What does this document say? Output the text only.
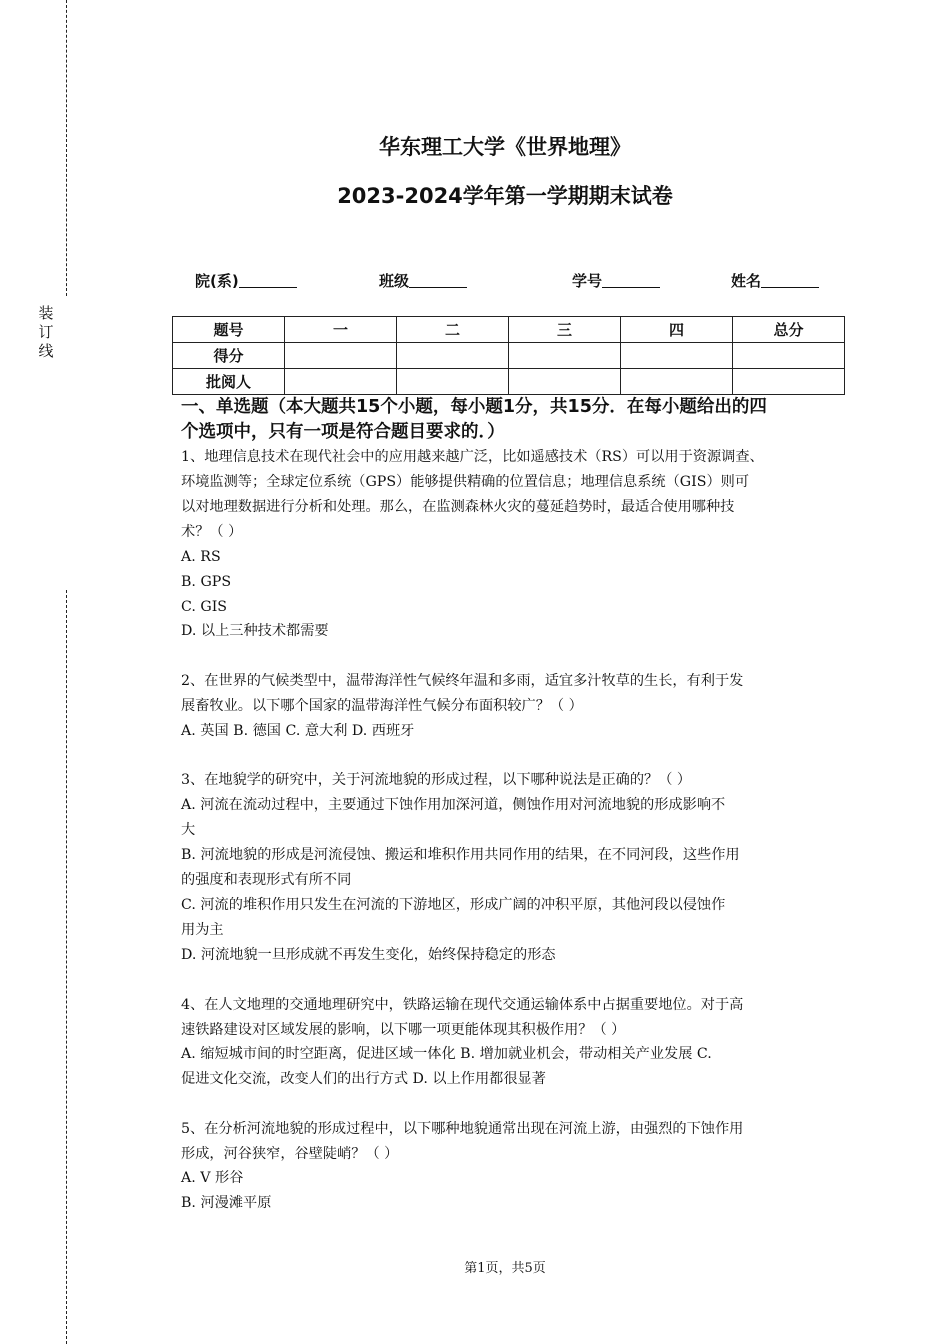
装
订
线
华东理工大学《世界地理》
2023-2024学年第一学期期末试卷
院(系)	班级	学号	姓名
题号	一	二	三	四	总分
得分					
批阅人					
一、单选题（本大题共15个小题，每小题1分，共15分．在每小题给出的四
个选项中，只有一项是符合题目要求的．）
1、地理信息技术在现代社会中的应用越来越广泛，比如遥感技术（RS）可以用于资源调查、
环境监测等；全球定位系统（GPS）能够提供精确的位置信息；地理信息系统（GIS）则可
以对地理数据进行分析和处理。那么，在监测森林火灾的蔓延趋势时，最适合使用哪种技
术？（ ）
A. RS
B. GPS
C. GIS
D. 以上三种技术都需要
2、在世界的气候类型中，温带海洋性气候终年温和多雨，适宜多汁牧草的生长，有利于发
展畜牧业。以下哪个国家的温带海洋性气候分布面积较广？（ ）
A. 英国 B. 德国 C. 意大利 D. 西班牙
3、在地貌学的研究中，关于河流地貌的形成过程，以下哪种说法是正确的？（ ）
A. 河流在流动过程中，主要通过下蚀作用加深河道，侧蚀作用对河流地貌的形成影响不
大
B. 河流地貌的形成是河流侵蚀、搬运和堆积作用共同作用的结果，在不同河段，这些作用
的强度和表现形式有所不同
C. 河流的堆积作用只发生在河流的下游地区，形成广阔的冲积平原，其他河段以侵蚀作
用为主
D. 河流地貌一旦形成就不再发生变化，始终保持稳定的形态
4、在人文地理的交通地理研究中，铁路运输在现代交通运输体系中占据重要地位。对于高
速铁路建设对区域发展的影响，以下哪一项更能体现其积极作用？（ ）
A. 缩短城市间的时空距离，促进区域一体化 B. 增加就业机会，带动相关产业发展 C.
促进文化交流，改变人们的出行方式 D. 以上作用都很显著
5、在分析河流地貌的形成过程中，以下哪种地貌通常出现在河流上游，由强烈的下蚀作用
形成，河谷狭窄，谷壁陡峭？（ ）
A. V 形谷
B. 河漫滩平原
第1页，共5页
